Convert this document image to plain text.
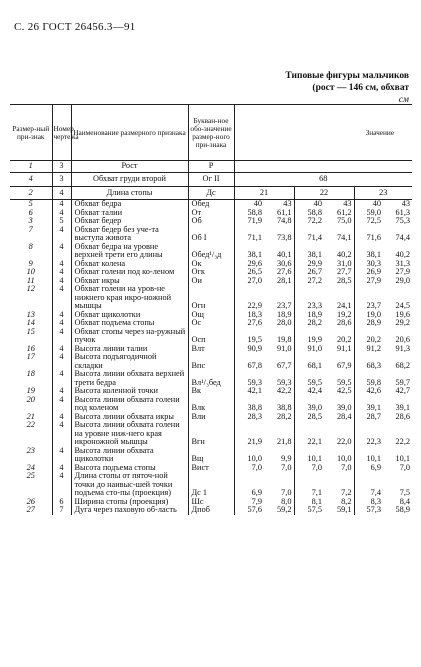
С. 26 ГОСТ 26456.3—91
Типовые фигуры мальчиков
(рост — 146 см, обхват
см
Размер-ный при-знак	Номер чертежа	Наименование размерного признака	Букван-ное обо-значение размер-ного при-знака	Значение					
1	3	Рост	Р						
4	3	Обхват груди второй	Ог II	68					
2	4	Длина стопы	Дс	21		22		23	
5	4	Обхват бедра	Обед	40	43	40	43	40	43
6	4	Обхват талии	От	58,8	61,1	58,8	61,2	59,0	61,3
3	5	Обхват бедер	Об	71,9	74,8	72,2	75,0	72,5	75,3
7	4	Обхват бедер без уче-та выступа живота	Об I	71,1	73,8	71,4	74,1	71,6	74,4
8	4	Обхват бедра на уровне верхней трети его длины	Обед¹/₃д	38,1	40,1	38,1	40,2	38,1	40,2
9	4	Обхват колена	Ок	29,6	30,6	29,9	31,0	30,3	31,3
10	4	Обхват голени под ко-леном	Огк	26,5	27,6	26,7	27,7	26,9	27,9
11	4	Обхват икры	Ои	27,0	28,1	27,2	28,5	27,9	29,0
12	4	Обхват голени на уров-не нижнего края икро-ножной мышцы	Огн	22,9	23,7	23,3	24,1	23,7	24,5
13	4	Обхват щиколотки	Ощ	18,3	18,9	18,9	19,2	19,0	19,6
14	4	Обхват подъема стопы	Ос	27,6	28,0	28,2	28,6	28,9	29,2
15	4	Обхват стопы через на-ружный пучок	Осп	19,5	19,8	19,9	20,2	20,2	20,6
16	4	Высота линии талии	Влт	90,9	91,0	91,0	91,1	91,2	91,3
17	4	Высота подъягодичной складки	Впс	67,8	67,7	68,1	67,9	68,3	68,2
18	4	Высота линии обхвата верхней трети бедра	Вл¹/₃бед	59,3	59,3	59,5	59,5	59,8	59,7
19	4	Высота коленной точки	Вк	42,1	42,2	42,4	42,5	42,6	42,7
20	4	Высота линии обхвата голени под коленом	Влк	38,8	38,8	39,0	39,0	39,1	39,1
21	4	Высота линии обхвата икры	Вли	28,3	28,2	28,5	28,4	28,7	28,6
22	4	Высота линии обхвата голени на уровне ниж-него края икроножной мышцы	Вгн	21,9	21,8	22,1	22,0	22,3	22,2
23	4	Высота линии обхвата щиколотки	Вщ	10,0	9,9	10,1	10,0	10,1	10,1
24	4	Высота подъема стопы	Вист	7,0	7,0	7,0	7,0	6,9	7,0
25	4	Длина стопы от пяточ-ной точки до наивыс-шей точки подъема сто-пы (проекция)	Дс 1	6,9	7,0	7,1	7,2	7,4	7,5
26	6	Ширина стопы (проекция)	Шс	7,9	8,0	8,1	8,2	8,3	8,4
27	7	Дуга через паховую об-ласть	Дпоб	57,6	59,2	57,5	59,1	57,3	58,9
